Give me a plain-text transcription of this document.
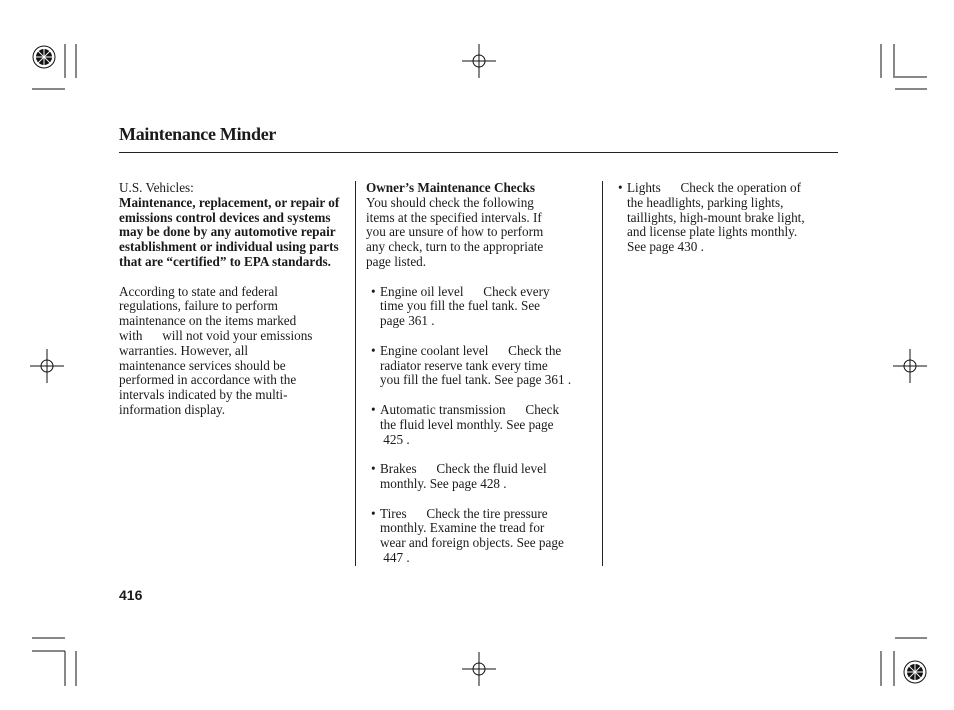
Maintenance Minder

U.S. Vehicles:

Maintenance, replacement, or repair of emissions control devices and systems may be done by any automotive repair establishment or individual using parts that are “certified” to EPA standards.

According to state and federal

regulations, failure to perform

maintenance on the items marked

with      will not void your emissions

warranties. However, all

maintenance services should be

performed in accordance with the

intervals indicated by the multi-

information display.

Owner’s Maintenance Checks

You should check the following

items at the specified intervals. If

you are unsure of how to perform

any check, turn to the appropriate

page listed.

• Engine oil level      Check every

time you fill the fuel tank. See

page 361 .

• Engine coolant level      Check the

radiator reserve tank every time

you fill the fuel tank. See page 361 .

• Automatic transmission      Check

the fluid level monthly. See page

425 .

• Brakes      Check the fluid level

monthly. See page 428 .

• Tires      Check the tire pressure

monthly. Examine the tread for

wear and foreign objects. See page

447 .

• Lights      Check the operation of

the headlights, parking lights,

taillights, high-mount brake light,

and license plate lights monthly.

See page 430 .

416
